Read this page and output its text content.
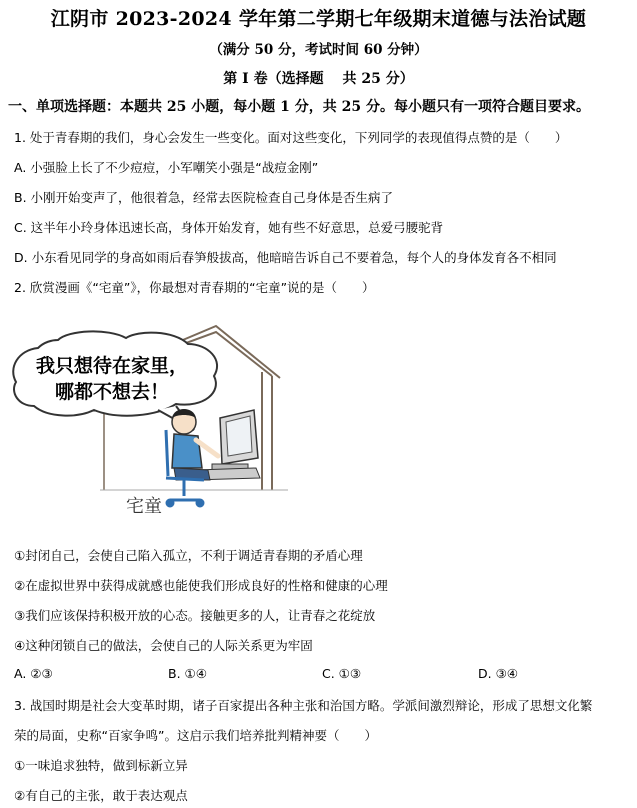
江阴市 2023-2024 学年第二学期七年级期末道德与法治试题
（满分 50 分，考试时间 60 分钟）
第 I 卷（选择题　 共 25 分）
一、单项选择题：本题共 25 小题，每小题 1 分，共 25 分。每小题只有一项符合题目要求。
1. 处于青春期的我们，身心会发生一些变化。面对这些变化，下列同学的表现值得点赞的是（　　）
A. 小强脸上长了不少痘痘，小军嘲笑小强是“战痘金刚”
B. 小刚开始变声了，他很着急，经常去医院检查自己身体是否生病了
C. 这半年小玲身体迅速长高，身体开始发育，她有些不好意思，总爱弓腰驼背
D. 小东看见同学的身高如雨后春笋般拔高，他暗暗告诉自己不要着急，每个人的身体发育各不相同
2. 欣赏漫画《“宅童”》，你最想对青春期的“宅童”说的是（　　）
我只想待在家里，
哪都不想去！
宅童
①封闭自己，会使自己陷入孤立，不利于调适青春期的矛盾心理
②在虚拟世界中获得成就感也能使我们形成良好的性格和健康的心理
③我们应该保持积极开放的心态。接触更多的人，让青春之花绽放
④这种闭锁自己的做法，会使自己的人际关系更为牢固
A. ②③	B. ①④	C. ①③	D. ③④
3. 战国时期是社会大变革时期，诸子百家提出各种主张和治国方略。学派间激烈辩论，形成了思想文化繁
荣的局面，史称“百家争鸣”。这启示我们培养批判精神要（　　）
①一味追求独特，做到标新立异
②有自己的主张，敢于表达观点
